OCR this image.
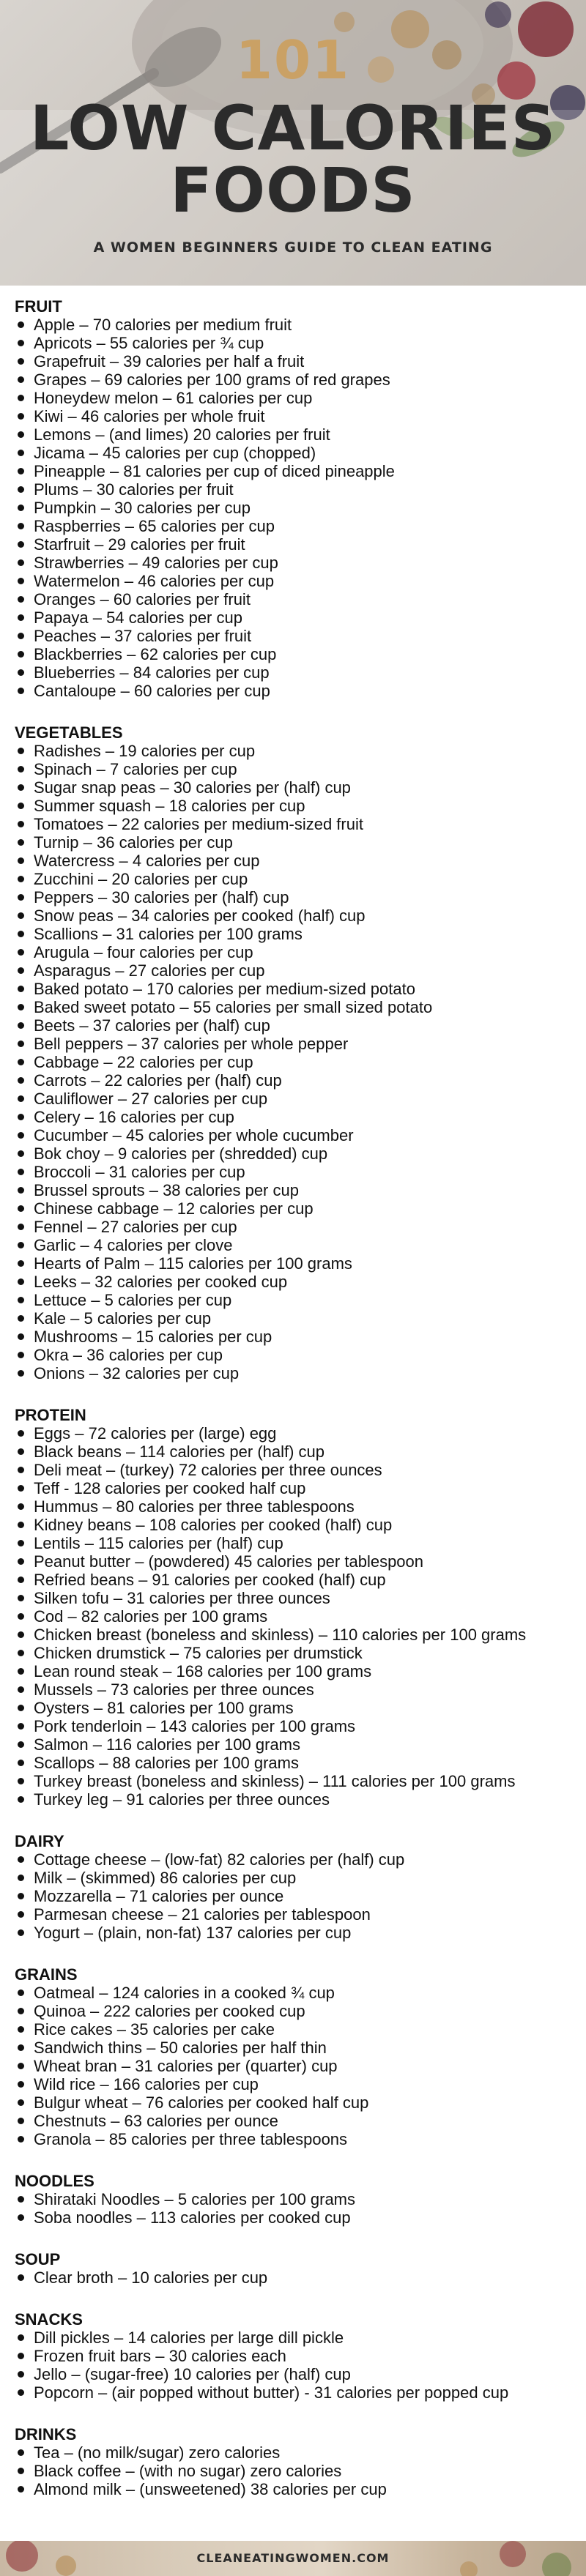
101
LOW CALORIES
FOODS
A WOMEN BEGINNERS GUIDE TO CLEAN EATING
FRUIT
Apple – 70 calories per medium fruit
Apricots – 55 calories per ¾ cup
Grapefruit – 39 calories per half a fruit
Grapes – 69 calories per 100 grams of red grapes
Honeydew melon – 61 calories per cup
Kiwi – 46 calories per whole fruit
Lemons – (and limes) 20 calories per fruit
Jicama – 45 calories per cup (chopped)
Pineapple – 81 calories per cup of diced pineapple
Plums – 30 calories per fruit
Pumpkin – 30 calories per cup
Raspberries – 65 calories per cup
Starfruit – 29 calories per fruit
Strawberries – 49 calories per cup
Watermelon – 46 calories per cup
Oranges – 60 calories per fruit
Papaya – 54 calories per cup
Peaches – 37 calories per fruit
Blackberries – 62 calories per cup
Blueberries – 84 calories per cup
Cantaloupe – 60 calories per cup
VEGETABLES
Radishes – 19 calories per cup
Spinach – 7 calories per cup
Sugar snap peas – 30 calories per (half) cup
Summer squash – 18 calories per cup
Tomatoes – 22 calories per medium-sized fruit
Turnip – 36 calories per cup
Watercress – 4 calories per cup
Zucchini – 20 calories per cup
Peppers – 30 calories per (half) cup
Snow peas – 34 calories per cooked (half) cup
Scallions – 31 calories per 100 grams
Arugula – four calories per cup
Asparagus – 27 calories per cup
Baked potato – 170 calories per medium-sized potato
Baked sweet potato – 55 calories per small sized potato
Beets – 37 calories per (half) cup
Bell peppers – 37 calories per whole pepper
Cabbage – 22 calories per cup
Carrots – 22 calories per (half) cup
Cauliflower – 27 calories per cup
Celery – 16 calories per cup
Cucumber – 45 calories per whole cucumber
Bok choy – 9 calories per (shredded) cup
Broccoli – 31 calories per cup
Brussel sprouts – 38 calories per cup
Chinese cabbage – 12 calories per cup
Fennel – 27 calories per cup
Garlic – 4 calories per clove
Hearts of Palm – 115 calories per 100 grams
Leeks – 32 calories per cooked cup
Lettuce – 5 calories per cup
Kale – 5 calories per cup
Mushrooms – 15 calories per cup
Okra – 36 calories per cup
Onions – 32 calories per cup
PROTEIN
Eggs – 72 calories per (large) egg
Black beans – 114 calories per (half) cup
Deli meat – (turkey) 72 calories per three ounces
Teff - 128 calories per cooked half cup
Hummus – 80 calories per three tablespoons
Kidney beans – 108 calories per cooked (half) cup
Lentils – 115 calories per (half) cup
Peanut butter – (powdered) 45 calories per tablespoon
Refried beans – 91 calories per cooked (half) cup
Silken tofu – 31 calories per three ounces
Cod – 82 calories per 100 grams
Chicken breast (boneless and skinless) – 110 calories per 100 grams
Chicken drumstick – 75 calories per drumstick
Lean round steak – 168 calories per 100 grams
Mussels – 73 calories per three ounces
Oysters – 81 calories per 100 grams
Pork tenderloin – 143 calories per 100 grams
Salmon – 116 calories per 100 grams
Scallops – 88 calories per 100 grams
Turkey breast (boneless and skinless) – 111 calories per 100 grams
Turkey leg – 91 calories per three ounces
DAIRY
Cottage cheese – (low-fat) 82 calories per (half) cup
Milk – (skimmed) 86 calories per cup
Mozzarella – 71 calories per ounce
Parmesan cheese – 21 calories per tablespoon
Yogurt – (plain, non-fat) 137 calories per cup
GRAINS
Oatmeal – 124 calories in a cooked ¾ cup
Quinoa – 222 calories per cooked cup
Rice cakes – 35 calories per cake
Sandwich thins – 50 calories per half thin
Wheat bran – 31 calories per (quarter) cup
Wild rice – 166 calories per cup
Bulgur wheat – 76 calories per cooked half cup
Chestnuts – 63 calories per ounce
Granola – 85 calories per three tablespoons
NOODLES
Shirataki Noodles – 5 calories per 100 grams
Soba noodles – 113 calories per cooked cup
SOUP
Clear broth – 10 calories per cup
SNACKS
Dill pickles – 14 calories per large dill pickle
Frozen fruit bars – 30 calories each
Jello – (sugar-free) 10 calories per (half) cup
Popcorn – (air popped without butter) - 31 calories per popped cup
DRINKS
Tea – (no milk/sugar) zero calories
Black coffee – (with no sugar) zero calories
Almond milk – (unsweetened) 38 calories per cup
CLEANEATINGWOMEN.COM
